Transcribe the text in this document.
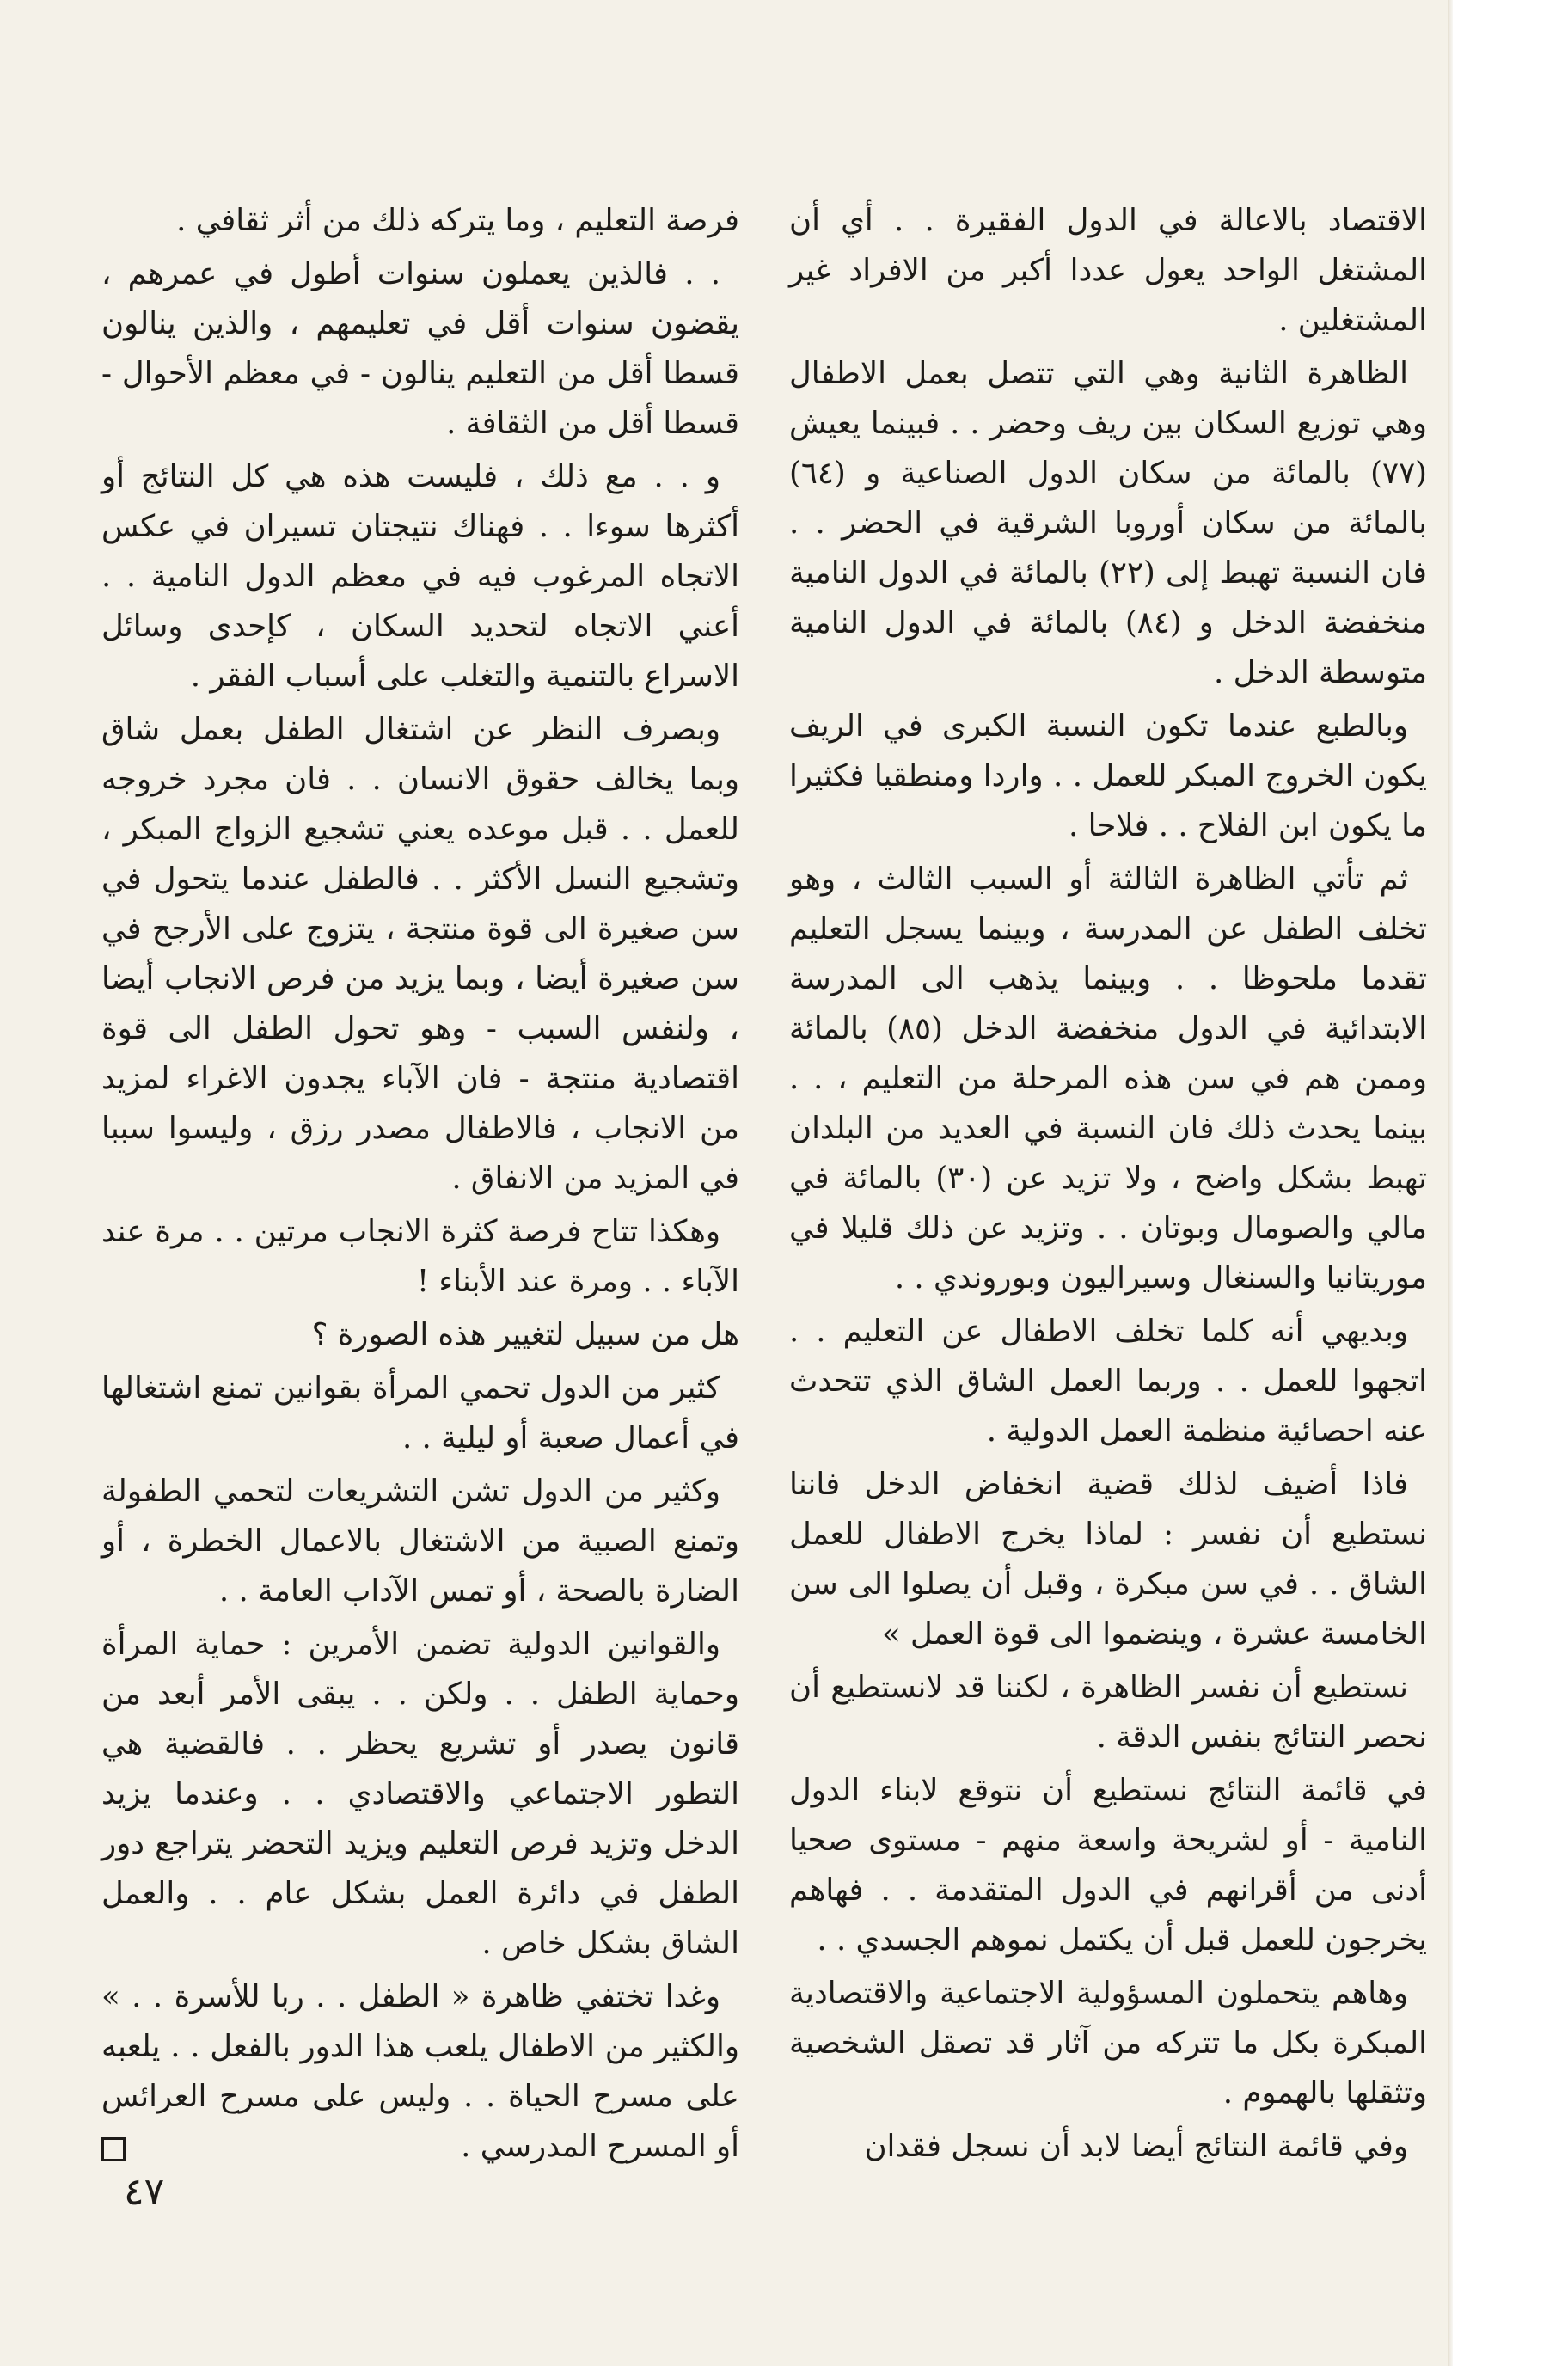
الاقتصاد بالاعالة في الدول الفقيرة . . أي أن المشتغل الواحد يعول عددا أكبر من الافراد غير المشتغلين .

الظاهرة الثانية وهي التي تتصل بعمل الاطفال وهي توزيع السكان بين ريف وحضر . . فبينما يعيش (٧٧) بالمائة من سكان الدول الصناعية و (٦٤) بالمائة من سكان أوروبا الشرقية في الحضر . . فان النسبة تهبط إلى (٢٢) بالمائة في الدول النامية منخفضة الدخل و (٨٤) بالمائة في الدول النامية متوسطة الدخل .

وبالطبع عندما تكون النسبة الكبرى في الريف يكون الخروج المبكر للعمل . . واردا ومنطقيا فكثيرا ما يكون ابن الفلاح . . فلاحا .

ثم تأتي الظاهرة الثالثة أو السبب الثالث ، وهو تخلف الطفل عن المدرسة ، وبينما يسجل التعليم تقدما ملحوظا . . وبينما يذهب الى المدرسة الابتدائية في الدول منخفضة الدخل (٨٥) بالمائة وممن هم في سن هذه المرحلة من التعليم ، . . بينما يحدث ذلك فان النسبة في العديد من البلدان تهبط بشكل واضح ، ولا تزيد عن (٣٠) بالمائة في مالي والصومال وبوتان . . وتزيد عن ذلك قليلا في موريتانيا والسنغال وسيراليون وبوروندي . .

وبديهي أنه كلما تخلف الاطفال عن التعليم . . اتجهوا للعمل . . وربما العمل الشاق الذي تتحدث عنه احصائية منظمة العمل الدولية .

فاذا أضيف لذلك قضية انخفاض الدخل فاننا نستطيع أن نفسر : لماذا يخرج الاطفال للعمل الشاق . . في سن مبكرة ، وقبل أن يصلوا الى سن الخامسة عشرة ، وينضموا الى قوة العمل »

نستطيع أن نفسر الظاهرة ، لكننا قد لانستطيع أن نحصر النتائج بنفس الدقة .

في قائمة النتائج نستطيع أن نتوقع لابناء الدول النامية - أو لشريحة واسعة منهم - مستوى صحيا أدنى من أقرانهم في الدول المتقدمة . . فهاهم يخرجون للعمل قبل أن يكتمل نموهم الجسدي . .

وهاهم يتحملون المسؤولية الاجتماعية والاقتصادية المبكرة بكل ما تتركه من آثار قد تصقل الشخصية وتثقلها بالهموم .

وفي قائمة النتائج أيضا لابد أن نسجل فقدان

فرصة التعليم ، وما يتركه ذلك من أثر ثقافي .

. . فالذين يعملون سنوات أطول في عمرهم ، يقضون سنوات أقل في تعليمهم ، والذين ينالون قسطا أقل من التعليم ينالون - في معظم الأحوال - قسطا أقل من الثقافة .

و . . مع ذلك ، فليست هذه هي كل النتائج أو أكثرها سوءا . . فهناك نتيجتان تسيران في عكس الاتجاه المرغوب فيه في معظم الدول النامية . . أعني الاتجاه لتحديد السكان ، كإحدى وسائل الاسراع بالتنمية والتغلب على أسباب الفقر .

وبصرف النظر عن اشتغال الطفل بعمل شاق وبما يخالف حقوق الانسان . . فان مجرد خروجه للعمل . . قبل موعده يعني تشجيع الزواج المبكر ، وتشجيع النسل الأكثر . . فالطفل عندما يتحول في سن صغيرة الى قوة منتجة ، يتزوج على الأرجح في سن صغيرة أيضا ، وبما يزيد من فرص الانجاب أيضا ، ولنفس السبب - وهو تحول الطفل الى قوة اقتصادية منتجة - فان الآباء يجدون الاغراء لمزيد من الانجاب ، فالاطفال مصدر رزق ، وليسوا سببا في المزيد من الانفاق .

وهكذا تتاح فرصة كثرة الانجاب مرتين . . مرة عند الآباء . . ومرة عند الأبناء !

هل من سبيل لتغيير هذه الصورة ؟

كثير من الدول تحمي المرأة بقوانين تمنع اشتغالها في أعمال صعبة أو ليلية . .

وكثير من الدول تشن التشريعات لتحمي الطفولة وتمنع الصبية من الاشتغال بالاعمال الخطرة ، أو الضارة بالصحة ، أو تمس الآداب العامة . .

والقوانين الدولية تضمن الأمرين : حماية المرأة وحماية الطفل . . ولكن . . يبقى الأمر أبعد من قانون يصدر أو تشريع يحظر . . فالقضية هي التطور الاجتماعي والاقتصادي . . وعندما يزيد الدخل وتزيد فرص التعليم ويزيد التحضر يتراجع دور الطفل في دائرة العمل بشكل عام . . والعمل الشاق بشكل خاص .

وغدا تختفي ظاهرة « الطفل . . ربا للأسرة . . » والكثير من الاطفال يلعب هذا الدور بالفعل . . يلعبه على مسرح الحياة . . وليس على مسرح العرائس أو المسرح المدرسي .

٤٧
